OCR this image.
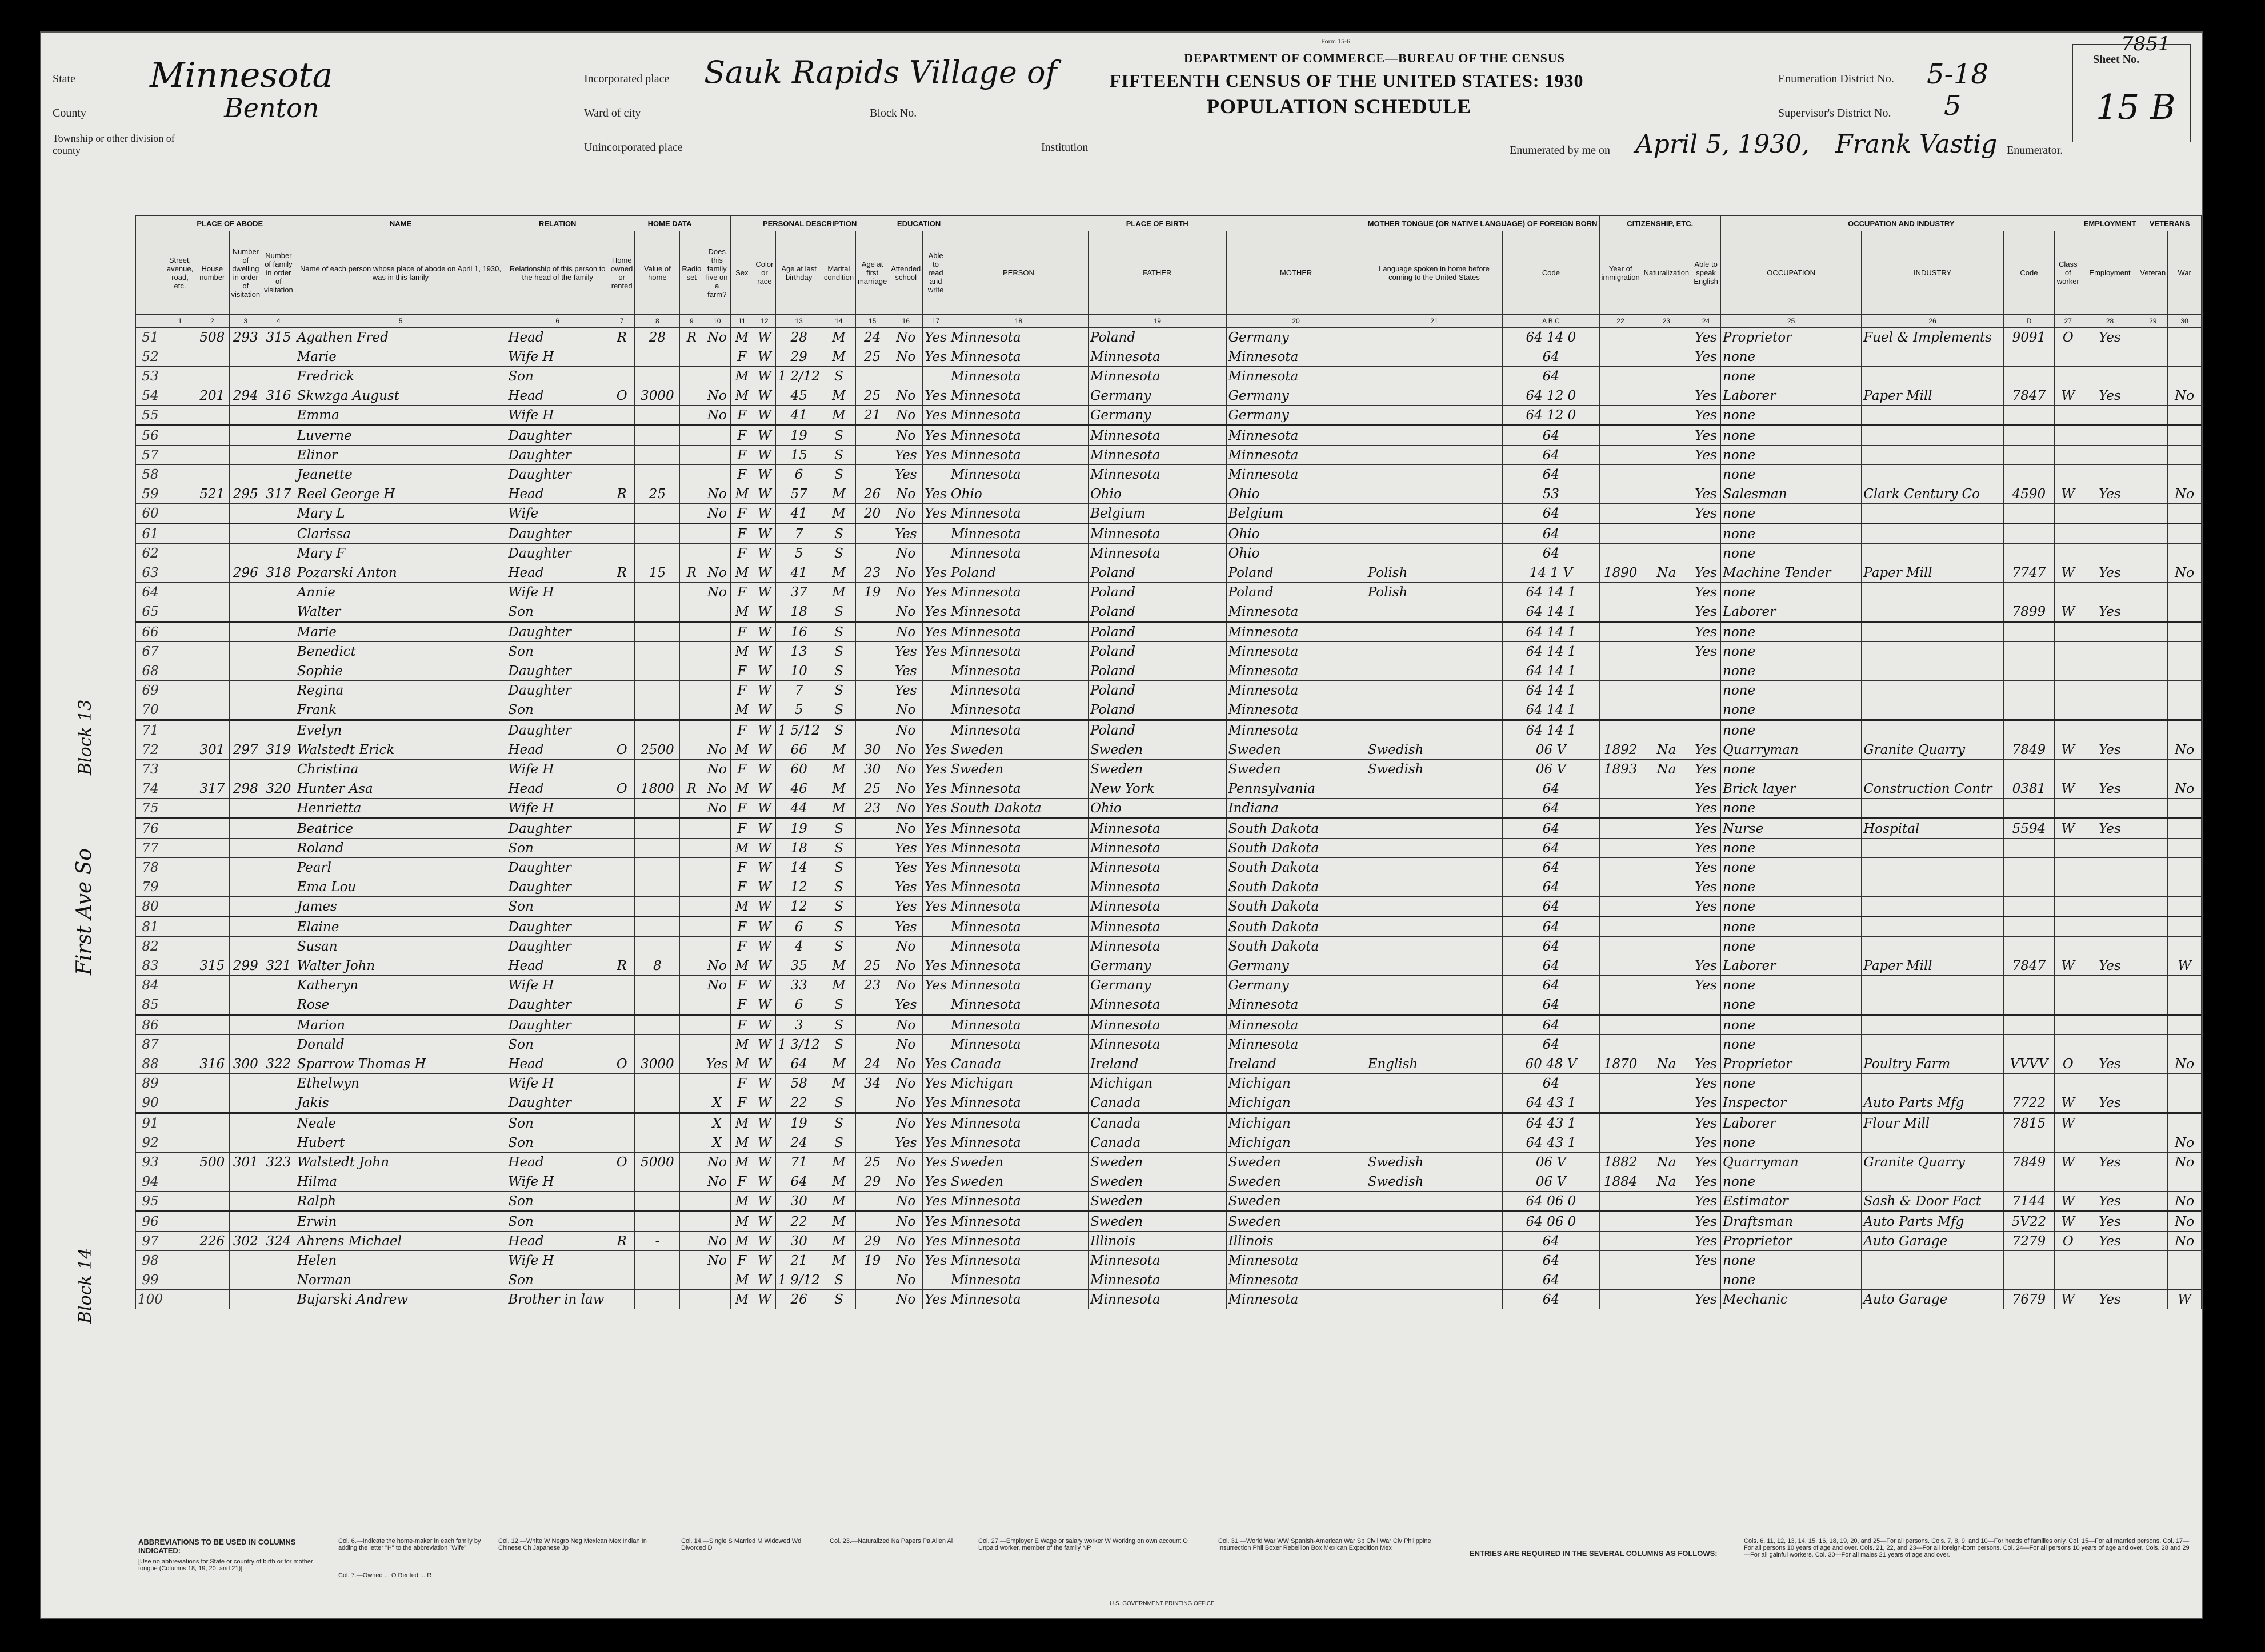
Form 15-6	7851
DEPARTMENT OF COMMERCE—BUREAU OF THE CENSUS
FIFTEENTH CENSUS OF THE UNITED STATES: 1930
POPULATION SCHEDULE
State Minnesota
County	Benton
Township or other division of county
Incorporated place Sauk Rapids Village of
Ward of city	Block No.
Unincorporated place	Institution
Enumeration District No. 5-18
Supervisor's District No. 5
Sheet No.
15 B
Enumerated by me on April 5, 1930, Frank Vastig Enumerator.
First Ave So
Block 13
Block 14
	PLACE OF ABODE				NAME	RELATION	HOME DATA				PERSONAL DESCRIPTION					EDUCATION		PLACE OF BIRTH			MOTHER TONGUE (OR NATIVE LANGUAGE) OF FOREIGN BORN		CITIZENSHIP, ETC.			OCCUPATION AND INDUSTRY				EMPLOYMENT	VETERANS	
	Street, avenue, road, etc.	House number	Number of dwelling in order of visitation	Number of family in order of visitation	Name of each person whose place of abode on April 1, 1930, was in this family	Relationship of this person to the head of the family	Home owned or rented	Value of home	Radio set	Does this family live on a farm?	Sex	Color or race	Age at last birthday	Marital condition	Age at first marriage	Attended school	Able to read and write	PERSON	FATHER	MOTHER	Language spoken in home before coming to the United States	Code	Year of immigration	Naturalization	Able to speak English	OCCUPATION	INDUSTRY	Code	Class of worker	Employment	Veteran	War
	1	2	3	4	5	6	7	8	9	10	11	12	13	14	15	16	17	18	19	20	21	A B C	22	23	24	25	26	D	27	28	29	30
51		508	293	315	Agathen Fred	Head	R	28	R	No	M	W	28	M	24	No	Yes	Minnesota	Poland	Germany		64 14 0			Yes	Proprietor	Fuel & Implements	9091	O	Yes		
52					Marie	Wife H					F	W	29	M	25	No	Yes	Minnesota	Minnesota	Minnesota		64			Yes	none						
53					Fredrick	Son					M	W	1 2/12	S				Minnesota	Minnesota	Minnesota		64				none						
54		201	294	316	Skwzga August	Head	O	3000		No	M	W	45	M	25	No	Yes	Minnesota	Germany	Germany		64 12 0			Yes	Laborer	Paper Mill	7847	W	Yes		No
55					Emma	Wife H				No	F	W	41	M	21	No	Yes	Minnesota	Germany	Germany		64 12 0			Yes	none						
56					Luverne	Daughter					F	W	19	S		No	Yes	Minnesota	Minnesota	Minnesota		64			Yes	none						
57					Elinor	Daughter					F	W	15	S		Yes	Yes	Minnesota	Minnesota	Minnesota		64			Yes	none						
58					Jeanette	Daughter					F	W	6	S		Yes		Minnesota	Minnesota	Minnesota		64				none						
59		521	295	317	Reel George H	Head	R	25		No	M	W	57	M	26	No	Yes	Ohio	Ohio	Ohio		53			Yes	Salesman	Clark Century Co	4590	W	Yes		No
60					Mary L	Wife				No	F	W	41	M	20	No	Yes	Minnesota	Belgium	Belgium		64			Yes	none						
61					Clarissa	Daughter					F	W	7	S		Yes		Minnesota	Minnesota	Ohio		64				none						
62					Mary F	Daughter					F	W	5	S		No		Minnesota	Minnesota	Ohio		64				none						
63			296	318	Pozarski Anton	Head	R	15	R	No	M	W	41	M	23	No	Yes	Poland	Poland	Poland	Polish	14 1 V	1890	Na	Yes	Machine Tender	Paper Mill	7747	W	Yes		No
64					Annie	Wife H				No	F	W	37	M	19	No	Yes	Minnesota	Poland	Poland	Polish	64 14 1			Yes	none						
65					Walter	Son					M	W	18	S		No	Yes	Minnesota	Poland	Minnesota		64 14 1			Yes	Laborer		7899	W	Yes		
66					Marie	Daughter					F	W	16	S		No	Yes	Minnesota	Poland	Minnesota		64 14 1			Yes	none						
67					Benedict	Son					M	W	13	S		Yes	Yes	Minnesota	Poland	Minnesota		64 14 1			Yes	none						
68					Sophie	Daughter					F	W	10	S		Yes		Minnesota	Poland	Minnesota		64 14 1				none						
69					Regina	Daughter					F	W	7	S		Yes		Minnesota	Poland	Minnesota		64 14 1				none						
70					Frank	Son					M	W	5	S		No		Minnesota	Poland	Minnesota		64 14 1				none						
71					Evelyn	Daughter					F	W	1 5/12	S		No		Minnesota	Poland	Minnesota		64 14 1				none						
72		301	297	319	Walstedt Erick	Head	O	2500		No	M	W	66	M	30	No	Yes	Sweden	Sweden	Sweden	Swedish	06 V	1892	Na	Yes	Quarryman	Granite Quarry	7849	W	Yes		No
73					Christina	Wife H				No	F	W	60	M	30	No	Yes	Sweden	Sweden	Sweden	Swedish	06 V	1893	Na	Yes	none						
74		317	298	320	Hunter Asa	Head	O	1800	R	No	M	W	46	M	25	No	Yes	Minnesota	New York	Pennsylvania		64			Yes	Brick layer	Construction Contr	0381	W	Yes		No
75					Henrietta	Wife H				No	F	W	44	M	23	No	Yes	South Dakota	Ohio	Indiana		64			Yes	none						
76					Beatrice	Daughter					F	W	19	S		No	Yes	Minnesota	Minnesota	South Dakota		64			Yes	Nurse	Hospital	5594	W	Yes		
77					Roland	Son					M	W	18	S		Yes	Yes	Minnesota	Minnesota	South Dakota		64			Yes	none						
78					Pearl	Daughter					F	W	14	S		Yes	Yes	Minnesota	Minnesota	South Dakota		64			Yes	none						
79					Ema Lou	Daughter					F	W	12	S		Yes	Yes	Minnesota	Minnesota	South Dakota		64			Yes	none						
80					James	Son					M	W	12	S		Yes	Yes	Minnesota	Minnesota	South Dakota		64			Yes	none						
81					Elaine	Daughter					F	W	6	S		Yes		Minnesota	Minnesota	South Dakota		64				none						
82					Susan	Daughter					F	W	4	S		No		Minnesota	Minnesota	South Dakota		64				none						
83		315	299	321	Walter John	Head	R	8		No	M	W	35	M	25	No	Yes	Minnesota	Germany	Germany		64			Yes	Laborer	Paper Mill	7847	W	Yes		W
84					Katheryn	Wife H				No	F	W	33	M	23	No	Yes	Minnesota	Germany	Germany		64			Yes	none						
85					Rose	Daughter					F	W	6	S		Yes		Minnesota	Minnesota	Minnesota		64				none						
86					Marion	Daughter					F	W	3	S		No		Minnesota	Minnesota	Minnesota		64				none						
87					Donald	Son					M	W	1 3/12	S		No		Minnesota	Minnesota	Minnesota		64				none						
88		316	300	322	Sparrow Thomas H	Head	O	3000		Yes	M	W	64	M	24	No	Yes	Canada	Ireland	Ireland	English	60 48 V	1870	Na	Yes	Proprietor	Poultry Farm	VVVV	O	Yes		No
89					Ethelwyn	Wife H					F	W	58	M	34	No	Yes	Michigan	Michigan	Michigan		64			Yes	none						
90					Jakis	Daughter				X	F	W	22	S		No	Yes	Minnesota	Canada	Michigan		64 43 1			Yes	Inspector	Auto Parts Mfg	7722	W	Yes		
91					Neale	Son				X	M	W	19	S		No	Yes	Minnesota	Canada	Michigan		64 43 1			Yes	Laborer	Flour Mill	7815	W			
92					Hubert	Son				X	M	W	24	S		Yes	Yes	Minnesota	Canada	Michigan		64 43 1			Yes	none						No
93		500	301	323	Walstedt John	Head	O	5000		No	M	W	71	M	25	No	Yes	Sweden	Sweden	Sweden	Swedish	06 V	1882	Na	Yes	Quarryman	Granite Quarry	7849	W	Yes		No
94					Hilma	Wife H				No	F	W	64	M	29	No	Yes	Sweden	Sweden	Sweden	Swedish	06 V	1884	Na	Yes	none						
95					Ralph	Son					M	W	30	M		No	Yes	Minnesota	Sweden	Sweden		64 06 0			Yes	Estimator	Sash & Door Fact	7144	W	Yes		No
96					Erwin	Son					M	W	22	M		No	Yes	Minnesota	Sweden	Sweden		64 06 0			Yes	Draftsman	Auto Parts Mfg	5V22	W	Yes		No
97		226	302	324	Ahrens Michael	Head	R	-		No	M	W	30	M	29	No	Yes	Minnesota	Illinois	Illinois		64			Yes	Proprietor	Auto Garage	7279	O	Yes		No
98					Helen	Wife H				No	F	W	21	M	19	No	Yes	Minnesota	Minnesota	Minnesota		64			Yes	none						
99					Norman	Son					M	W	1 9/12	S		No		Minnesota	Minnesota	Minnesota		64				none						
100					Bujarski Andrew	Brother in law					M	W	26	S		No	Yes	Minnesota	Minnesota	Minnesota		64			Yes	Mechanic	Auto Garage	7679	W	Yes		W
ABBREVIATIONS TO BE USED IN COLUMNS INDICATED:
[Use no abbreviations for State or country of birth or for mother tongue (Columns 18, 19, 20, and 21)]
Col. 6.—Indicate the home-maker in each family by adding the letter "H" to the abbreviation "Wife"
Col. 7.—Owned ... O Rented ... R
Col. 12.—White W Negro Neg Mexican Mex Indian In Chinese Ch Japanese Jp
Col. 14.—Single S Married M Widowed Wd Divorced D
Col. 23.—Naturalized Na Papers Pa Alien Al	Col. 27.—Employer E Wage or salary worker W Working on own account O Unpaid worker, member of the family NP
Col. 31.—World War WW Spanish-American War Sp Civil War Civ Philippine Insurrection Phil Boxer Rebellion Box Mexican Expedition Mex
ENTRIES ARE REQUIRED IN THE SEVERAL COLUMNS AS FOLLOWS:
Cols. 6, 11, 12, 13, 14, 15, 16, 18, 19, 20, and 25—For all persons. Cols. 7, 8, 9, and 10—For heads of families only. Col. 15—For all married persons. Col. 17—For all persons 10 years of age and over. Cols. 21, 22, and 23—For all foreign-born persons. Col. 24—For all persons 10 years of age and over. Cols. 28 and 29—For all gainful workers. Col. 30—For all males 21 years of age and over.
U.S. GOVERNMENT PRINTING OFFICE
